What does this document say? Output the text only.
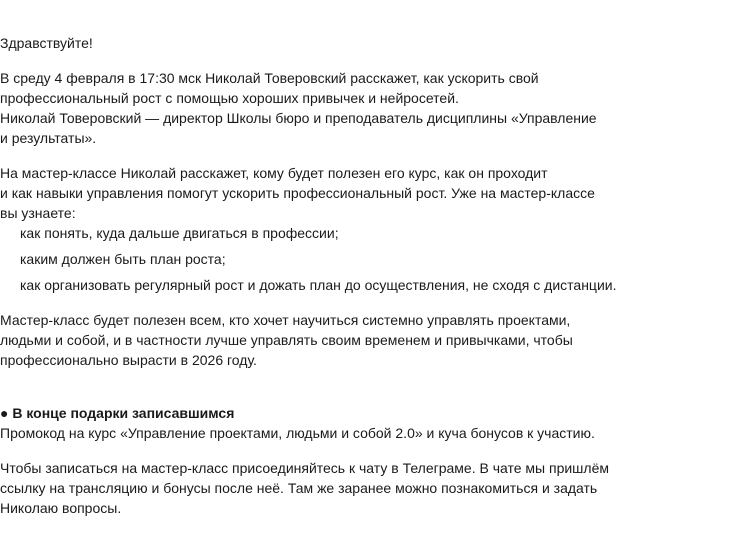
Здравствуйте!

В среду 4 февраля в 17:30 мск Николай Товеровский расскажет, как ускорить свой
профессиональный рост с помощью хороших привычек и нейросетей.
Николай Товеровский — директор Школы бюро и преподаватель дисциплины «Управление
и результаты».

На мастер-классе Николай расскажет, кому будет полезен его курс, как он проходит
и как навыки управления помогут ускорить профессиональный рост. Уже на мастер-классе
вы узнаете:

как понять, куда дальше двигаться в профессии;
каким должен быть план роста;
как организовать регулярный рост и дожать план до осуществления, не сходя с дистанции.

Мастер-класс будет полезен всем, кто хочет научиться системно управлять проектами,
людьми и собой, и в частности лучше управлять своим временем и привычками, чтобы
профессионально вырасти в 2026 году.

● В конце подарки записавшимся

Промокод на курс «Управление проектами, людьми и собой 2.0» и куча бонусов к участию.

Чтобы записаться на мастер-класс присоединяйтесь к чату в Телеграме. В чате мы пришлём
ссылку на трансляцию и бонусы после неё. Там же заранее можно познакомиться и задать
Николаю вопросы.
